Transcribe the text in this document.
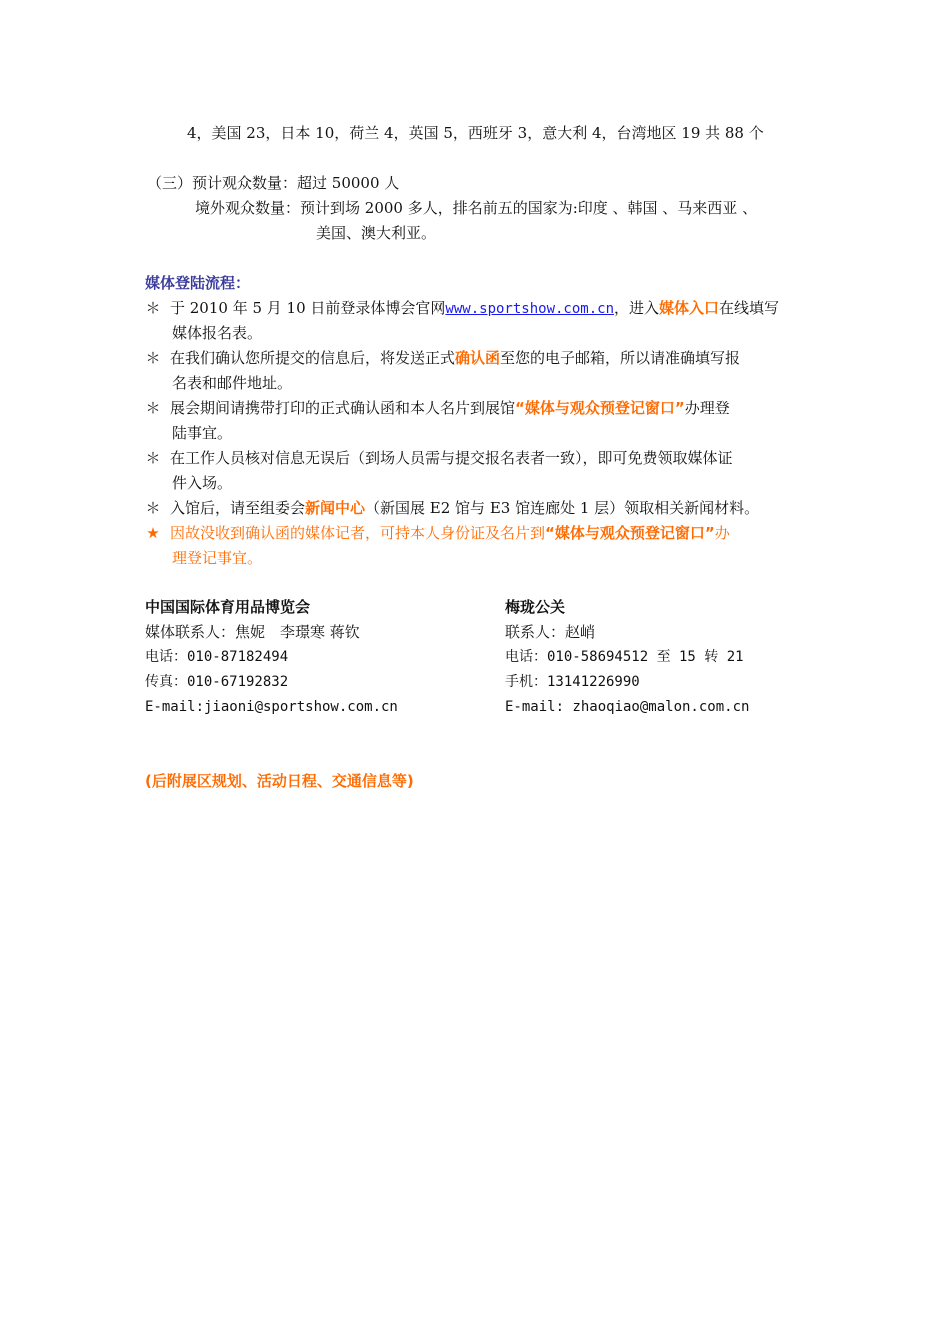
4，美国 23，日本 10，荷兰 4，英国 5，西班牙 3，意大利 4，台湾地区 19 共 88 个
（三）预计观众数量：超过 50000 人
境外观众数量：预计到场 2000 多人，排名前五的国家为:印度 、韩国 、马来西亚 、
美国、澳大利亚。
媒体登陆流程：
＊ 于 2010 年 5 月 10 日前登录体博会官网www.sportshow.com.cn，进入媒体入口在线填写
媒体报名表。
＊ 在我们确认您所提交的信息后，将发送正式确认函至您的电子邮箱，所以请准确填写报
名表和邮件地址。
＊ 展会期间请携带打印的正式确认函和本人名片到展馆“媒体与观众预登记窗口”办理登
陆事宜。
＊ 在工作人员核对信息无误后（到场人员需与提交报名表者一致），即可免费领取媒体证
件入场。
＊ 入馆后，请至组委会新闻中心（新国展 E2 馆与 E3 馆连廊处 1 层）领取相关新闻材料。
★ 因故没收到确认函的媒体记者，可持本人身份证及名片到“媒体与观众预登记窗口”办
理登记事宜。
中国国际体育用品博览会
媒体联系人：焦妮　李璟寒 蒋钦
电话：010-87182494
传真：010-67192832
E-mail:jiaoni@sportshow.com.cn
梅珑公关
联系人：赵峭
电话：010-58694512 至 15 转 21
手机：13141226990
E-mail: zhaoqiao@malon.com.cn
(后附展区规划、活动日程、交通信息等)
